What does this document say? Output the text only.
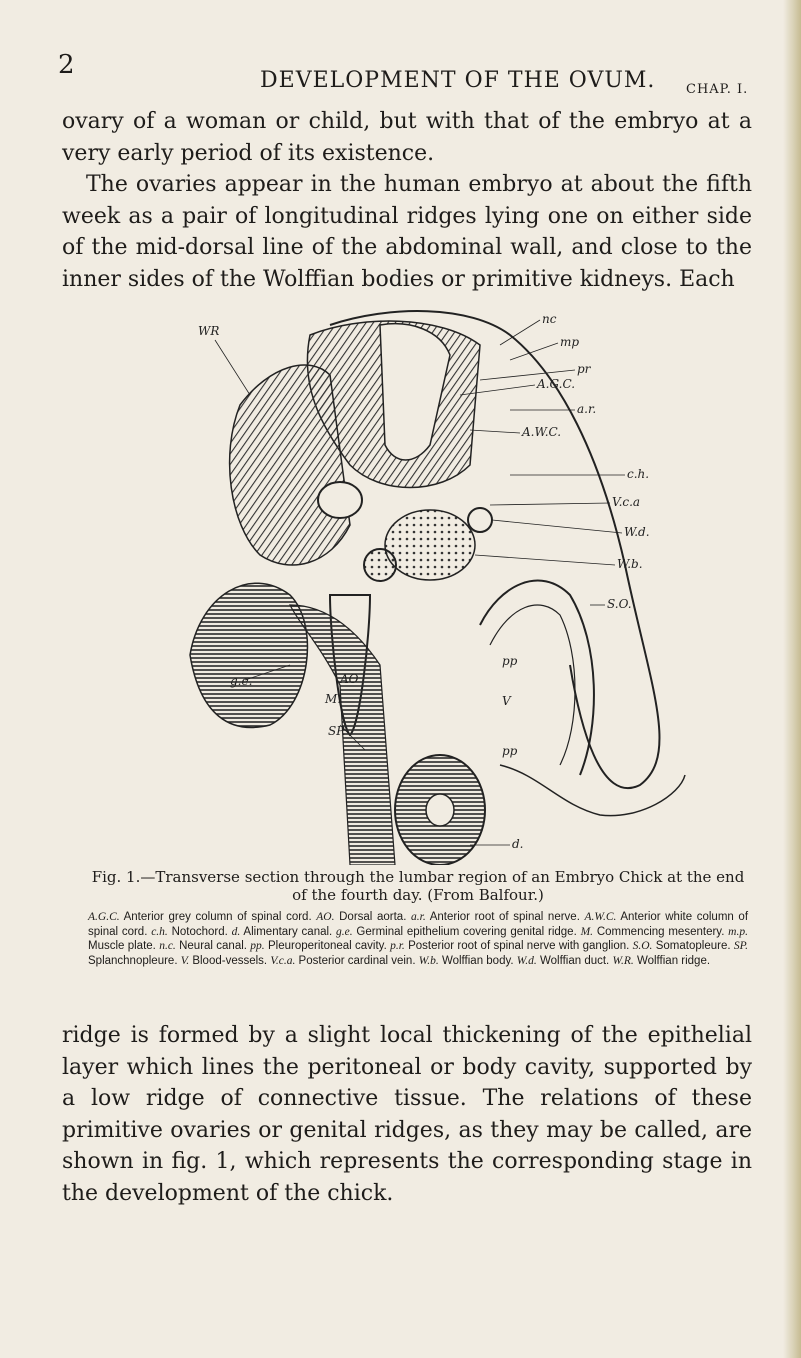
2
DEVELOPMENT OF THE OVUM. CHAP. I.

ovary of a woman or child, but with that of the embryo at a very early period of its existence.
The ovaries appear in the human embryo at about the fifth week as a pair of longitudinal ridges lying one on either side of the mid-dorsal line of the abdominal wall, and close to the inner sides of the Wolffian bodies or primitive kidneys. Each

nc
mp
pr
A.G.C.
a.r.
A.W.C.
c.h.
V.c.a
W.d.
W.b.
S.O.
WR
g.e.	AO
M.
SP.
pp
V
pp
d.
Fig. 1.—Transverse section through the lumbar region of an Embryo Chick at the end of the fourth day. (From Balfour.)
A.G.C. Anterior grey column of spinal cord. AO. Dorsal aorta. a.r. Anterior root of spinal nerve. A.W.C. Anterior white column of spinal cord. c.h. Notochord. d. Alimentary canal. g.e. Germinal epithelium covering genital ridge. M. Commencing mesentery. m.p. Muscle plate. n.c. Neural canal. pp. Pleuroperitoneal cavity. p.r. Posterior root of spinal nerve with ganglion. S.O. Somatopleure. SP. Splanchnopleure. V. Blood-vessels. V.c.a. Posterior cardinal vein. W.b. Wolffian body. W.d. Wolffian duct. W.R. Wolffian ridge.

ridge is formed by a slight local thickening of the epithelial layer which lines the peritoneal or body cavity, supported by a low ridge of connective tissue. The relations of these primitive ovaries or genital ridges, as they may be called, are shown in fig. 1, which represents the corresponding stage in the development of the chick.
